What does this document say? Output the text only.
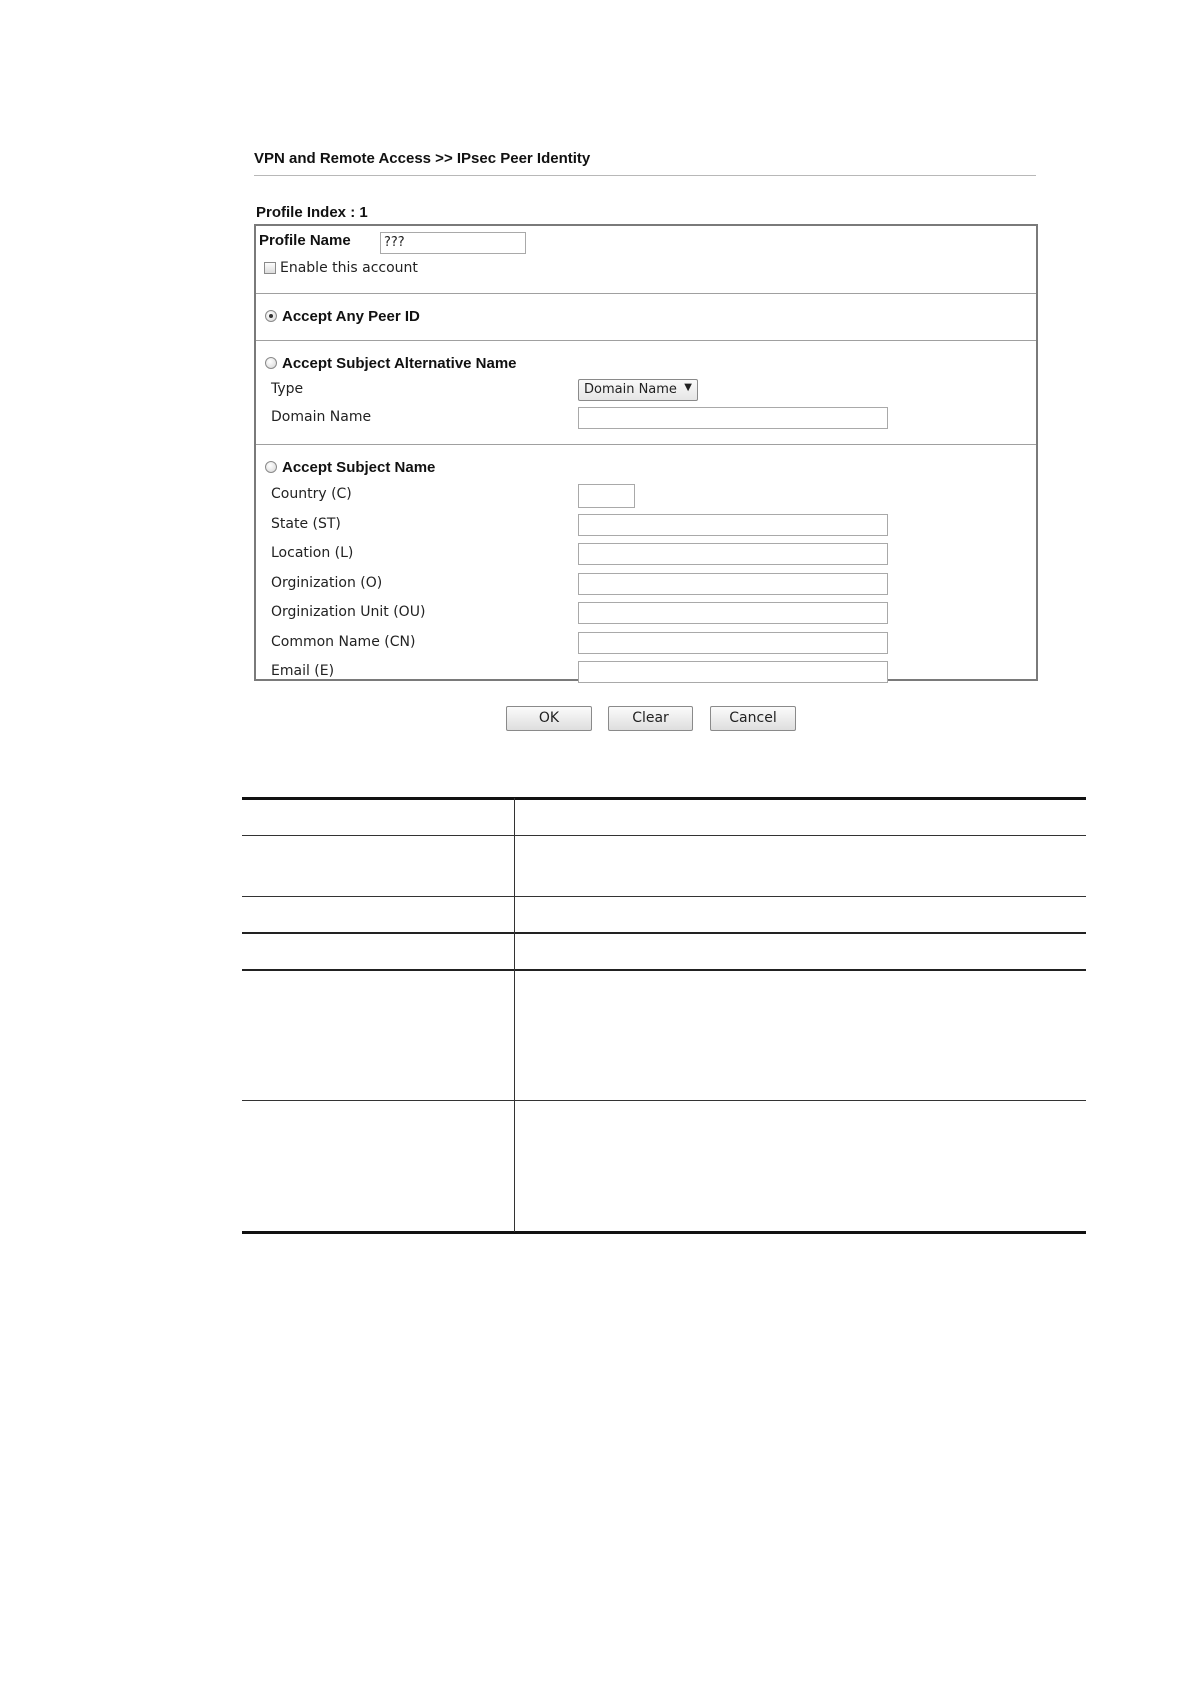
VPN and Remote Access >> IPsec Peer Identity
Profile Index : 1
Profile Name	???
Enable this account
Accept Any Peer ID
Accept Subject Alternative Name
Type	Domain Name ▼
Domain Name
Accept Subject Name
Country (C)
State (ST)
Location (L)
Orginization (O)
Orginization Unit (OU)
Common Name (CN)
Email (E)
OK	Clear	Cancel
